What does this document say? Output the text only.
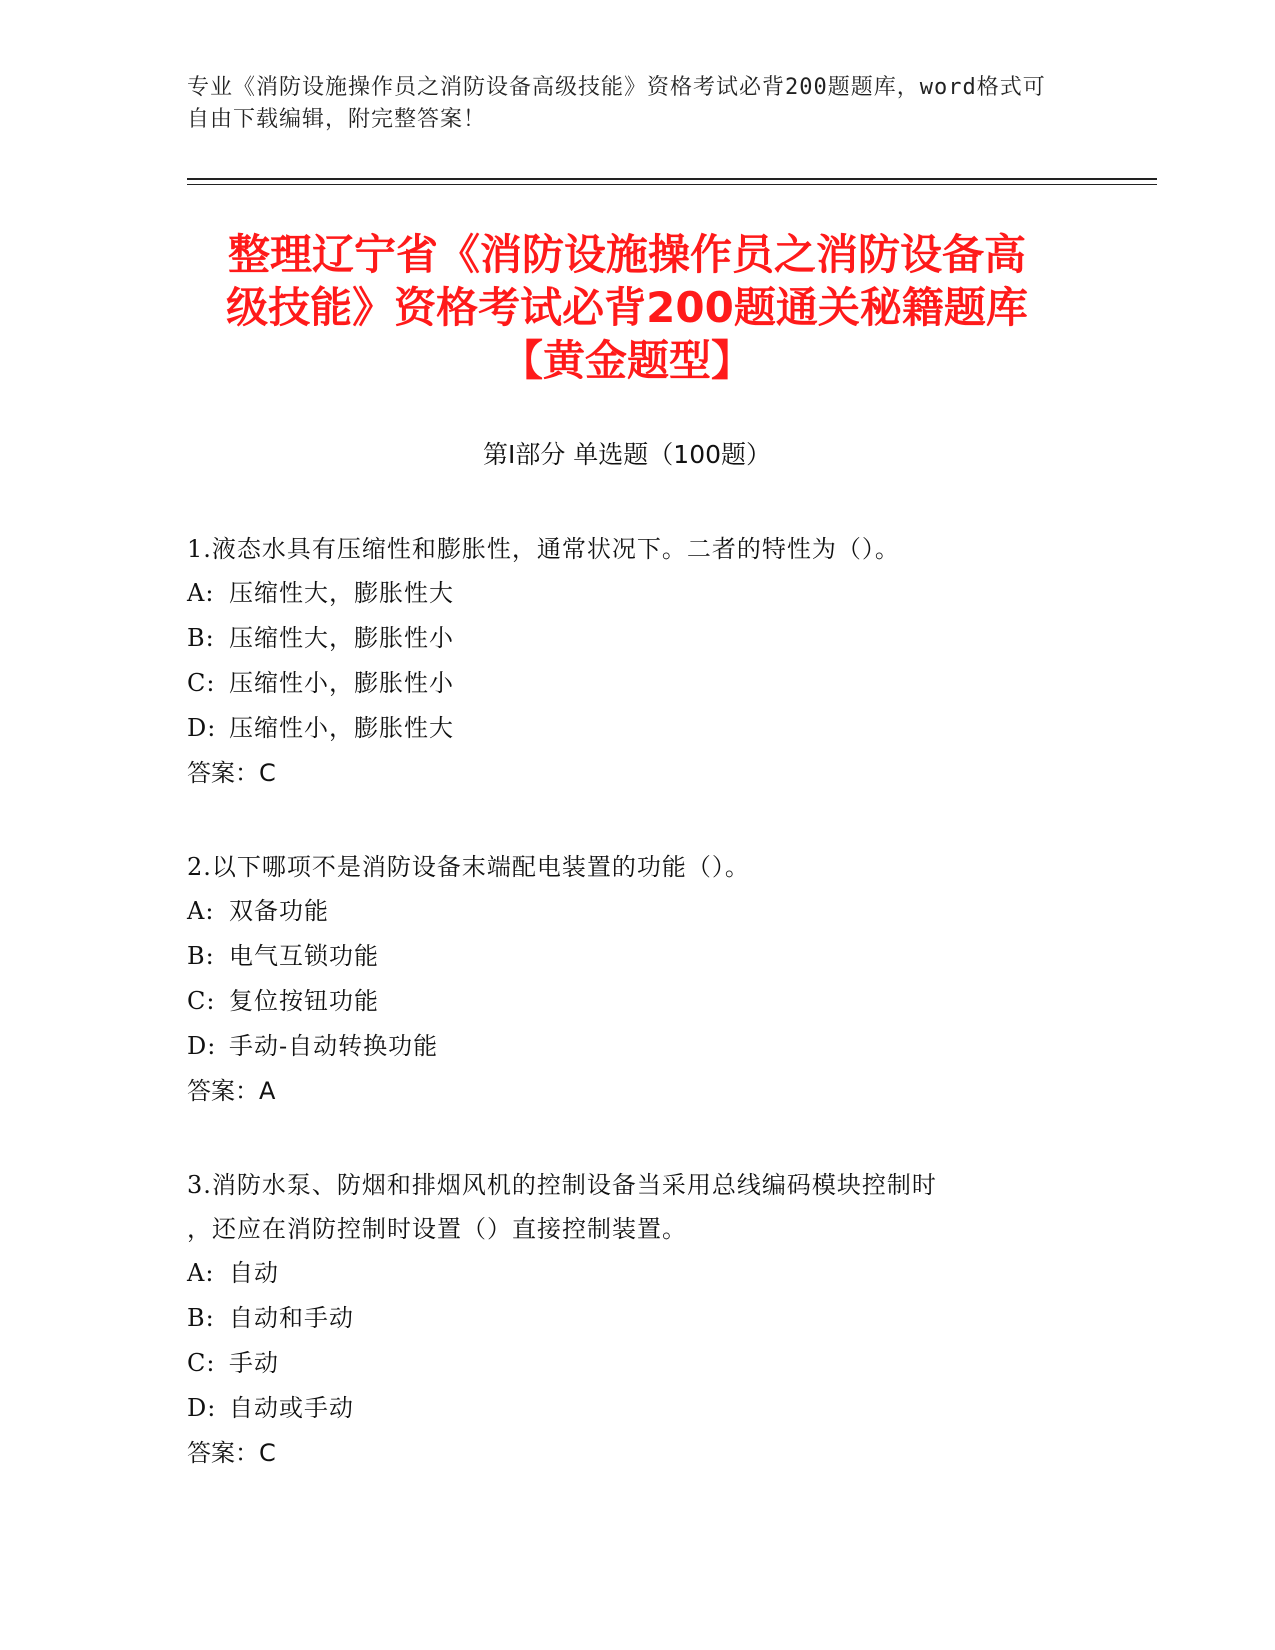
专业《消防设施操作员之消防设备高级技能》资格考试必背200题题库，word格式可自由下载编辑，附完整答案！
整理辽宁省《消防设施操作员之消防设备高
级技能》资格考试必背200题通关秘籍题库
【黄金题型】
第Ⅰ部分 单选题（100题）
1.液态水具有压缩性和膨胀性，通常状况下。二者的特性为（）。
A: 压缩性大，膨胀性大
B: 压缩性大，膨胀性小
C: 压缩性小，膨胀性小
D: 压缩性小，膨胀性大
答案：C
2.以下哪项不是消防设备末端配电装置的功能（）。
A: 双备功能
B: 电气互锁功能
C: 复位按钮功能
D: 手动-自动转换功能
答案：A
3.消防水泵、防烟和排烟风机的控制设备当采用总线编码模块控制时
，还应在消防控制时设置（）直接控制装置。
A: 自动
B: 自动和手动
C: 手动
D: 自动或手动
答案：C
